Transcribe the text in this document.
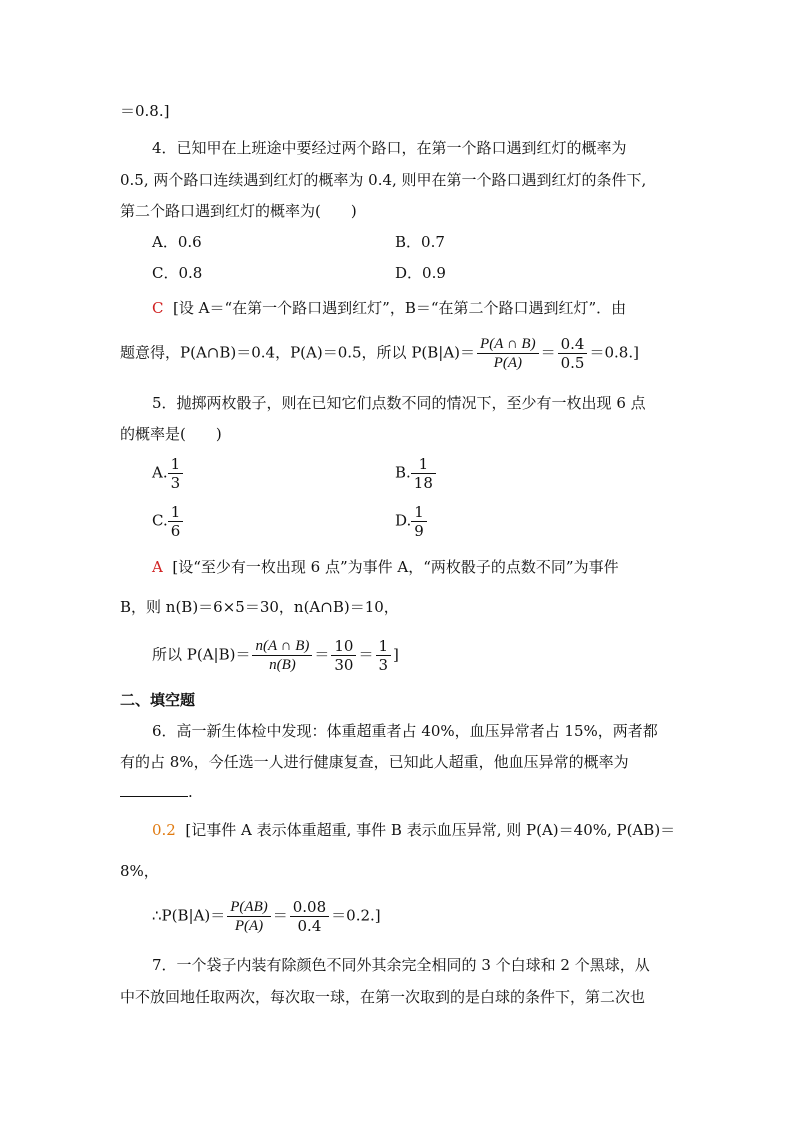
＝0.8.]
4．已知甲在上班途中要经过两个路口，在第一个路口遇到红灯的概率为
0.5, 两个路口连续遇到红灯的概率为 0.4, 则甲在第一个路口遇到红灯的条件下,
第二个路口遇到红灯的概率为(　　)
A．0.6	B．0.7
C．0.8	D．0.9
C [设 A＝“在第一个路口遇到红灯”，B＝“在第二个路口遇到红灯”．由
题意得，P(A∩B)＝0.4，P(A)＝0.5，所以 $P(B|A)= \frac{P(A \cap B)}{P(A)} = \frac{0.4}{0.5} =0.8$.]
5．抛掷两枚骰子，则在已知它们点数不同的情况下，至少有一枚出现 6 点
的概率是(　　)
A. $\frac{1}{3}$	B. $\frac{1}{18}$
C. $\frac{1}{6}$	D. $\frac{1}{9}$
A [设“至少有一枚出现 6 点”为事件 A，“两枚骰子的点数不同”为事件
B，则 n(B)＝6×5＝30，n(A∩B)＝10，
所以 $P(A|B)= \frac{n(A \cap B)}{n(B)} = \frac{10}{30} = \frac{1}{3}$ ]
二、填空题
6．高一新生体检中发现：体重超重者占 40%，血压异常者占 15%，两者都
有的占 8%，今任选一人进行健康复查，已知此人超重，他血压异常的概率为
.
0.2 [记事件 A 表示体重超重, 事件 B 表示血压异常, 则 P(A)＝40%, P(AB)＝
8%，
∴P(B|A)＝ $\frac{P(AB)}{P(A)} = \frac{0.08}{0.4} =0.2$.]
7．一个袋子内装有除颜色不同外其余完全相同的 3 个白球和 2 个黑球，从
中不放回地任取两次，每次取一球，在第一次取到的是白球的条件下，第二次也
